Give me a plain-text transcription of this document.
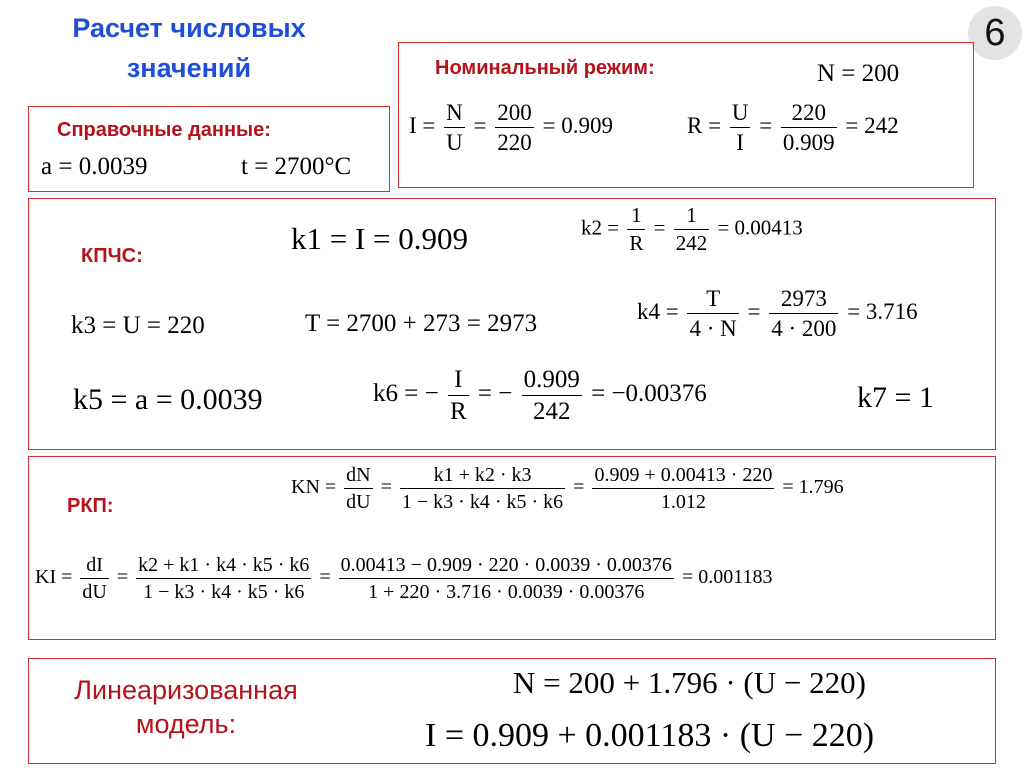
Расчет числовых значений
6
Справочные данные:
a = 0.0039	t = 2700°C
Номинальный режим:	N = 200
$I = \frac{N}{U} = \frac{200}{220} = 0.909$	$R = \frac{U}{I} = \frac{220}{0.909} = 242$
КПЧС:	k1 = I = 0.909	$k2 = \frac{1}{R} = \frac{1}{242} = 0.00413$
k3 = U = 220	T = 2700 + 273 = 2973	$k4 = \frac{T}{4 \cdot N} = \frac{2973}{4 \cdot 200} = 3.716$
k5 = a = 0.0039	k6 = − $\frac{I}{R}$ = − $\frac{0.909}{242} = -0.00376$	k7 = 1
РКП:
KN = $\frac{dN}{dU} = \frac{k1 + k2 \cdot k3}{1 - k3 \cdot k4 \cdot k5 \cdot k6} = \frac{0.909 + 0.00413 \cdot 220}{1.012} = 1.796$
KI = $\frac{dI}{dU} = \frac{k2 + k1 \cdot k4 \cdot k5 \cdot k6}{1 - k3 \cdot k4 \cdot k5 \cdot k6} = \frac{0.00413 - 0.909 \cdot 220 \cdot 0.0039 \cdot 0.00376}{1 + 220 \cdot 3.716 \cdot 0.0039 \cdot 0.00376} = 0.001183$
Линеаризованная модель:
N = 200 + 1.796 · (U − 220)
I = 0.909 + 0.001183 · (U − 220)
